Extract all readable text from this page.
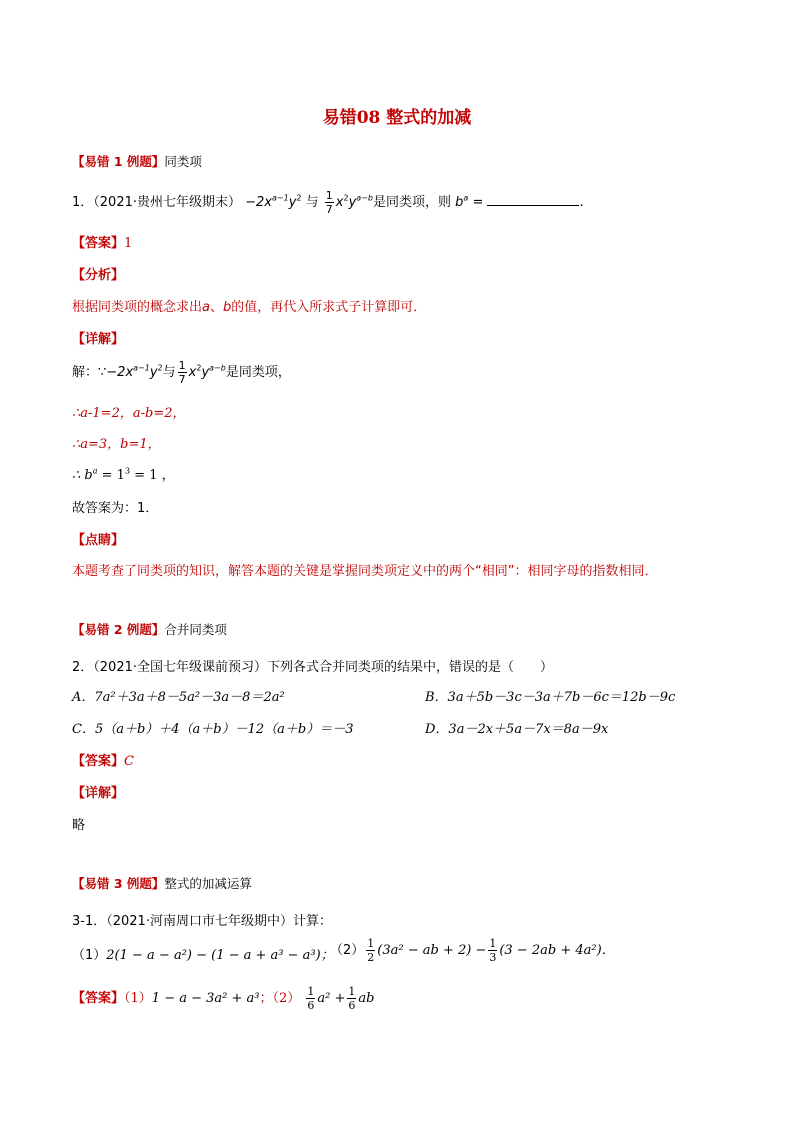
易错08 整式的加减
【易错 1 例题】同类项
1．（2021·贵州七年级期末） $-2x^{a-1}y^2$ 与 $\frac{1}{7} x^2y^{a-b}$是同类项，则 $b^a$ =	.
【答案】1
【分析】
根据同类项的概念求出a、b的值，再代入所求式子计算即可．
【详解】
解：$\because-2x^{a-1}y^2$与 $\frac{1}{7} x^2y^{a-b}$是同类项，
∴a-1=2，a-b=2，
∴a=3，b=1，
∴ $b^a = 1^3 = 1$ ，
故答案为：1．
【点睛】
本题考查了同类项的知识，解答本题的关键是掌握同类项定义中的两个“相同”：相同字母的指数相同．
【易错 2 例题】合并同类项
2．（2021·全国七年级课前预习）下列各式合并同类项的结果中，错误的是（　　）
A．7a²＋3a＋8－5a²－3a－8＝2a²	B．3a＋5b－3c－3a＋7b－6c＝12b－9c
C．5（a＋b）＋4（a＋b）－12（a＋b）＝－3	D．3a－2x＋5a－7x＝8a－9x
【答案】C
【详解】
略
【易错 3 例题】整式的加减运算
3-1．（2021·河南周口市七年级期中）计算：
（1）2(1 − a − a²) − (1 − a + a³ − a³)；
$(2) \frac{1}{2} (3a^2$ − ab + $2) - \frac{1}{3} (3 - 2ab + 4a^2)$．
【答案】（1）1 − a − 3a² + a³；$(2) \frac{1}{6} a^2 + \frac{1}{6}$ ab
